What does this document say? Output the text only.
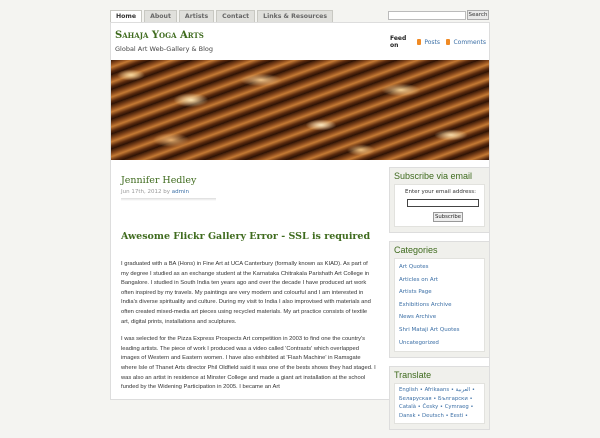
Home	About	Artists	Contact	Links & Resources	Search
Sahaja Yoga Arts
Global Art Web-Gallery & Blog
Feed on	Posts Comments
Jennifer Hedley
Jun 17th, 2012 by admin
Awesome Flickr Gallery Error - SSL is required

I graduated with a BA (Hons) in Fine Art at UCA Canterbury (formally known as KIAD). As part of my degree I studied as an exchange student at the Karnataka Chitrakala Parishath Art College in Bangalore. I studied in South India ten years ago and over the decade I have produced art work often inspired by my travels. My paintings are very modern and colourful and I am interested in India's diverse spirituality and culture. During my visit to India I also improvised with materials and often created mixed-media art pieces using recycled materials. My art practice consists of textile art, digital prints, installations and sculptures.

I was selected for the Pizza Express Prospects Art competition in 2003 to find one the country's leading artists. The piece of work I produced was a video called 'Contrasts' which overlapped images of Western and Eastern women. I have also exhibited at 'Flash Machine' in Ramsgate where Isle of Thanet Arts director Phil Oldfield said it was one of the bests shows they had staged. I was also an artist in residence at Minster College and made a giant art installation at the school funded by the Widening Participation in 2005. I became an Art

Subscribe via email
Enter your email address:
Subscribe
Categories
Art Quotes
Articles on Art
Artists Page
Exhibitions Archive
News Archive
Shri Mataji Art Quotes
Uncategorized
Translate
English • Afrikaans • العربية •
Беларуская • Български •
Català • Česky • Cymraeg •
Dansk • Deutsch • Eesti •
